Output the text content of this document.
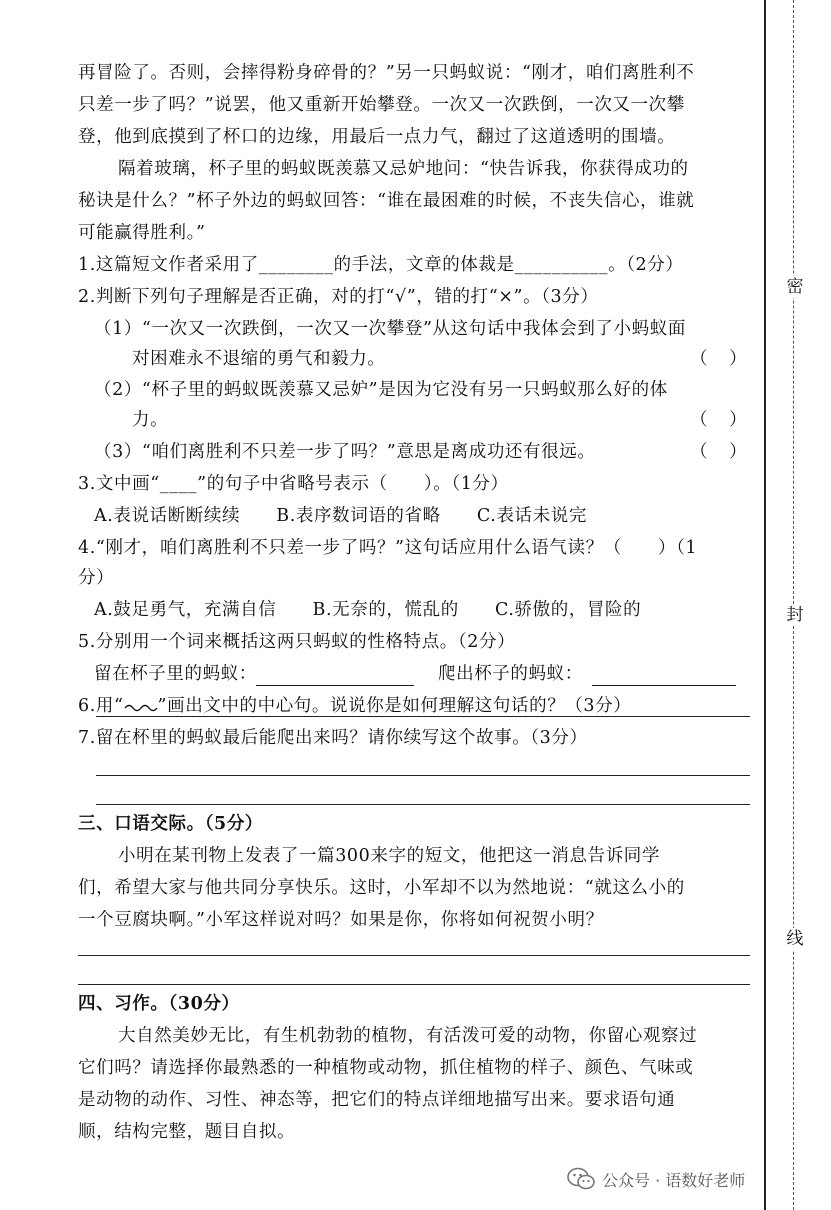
再冒险了。否则，会摔得粉身碎骨的？”另一只蚂蚁说：“刚才，咱们离胜利不
只差一步了吗？”说罢，他又重新开始攀登。一次又一次跌倒，一次又一次攀
登，他到底摸到了杯口的边缘，用最后一点力气，翻过了这道透明的围墙。
隔着玻璃，杯子里的蚂蚁既羡慕又忌妒地问：“快告诉我，你获得成功的
秘诀是什么？”杯子外边的蚂蚁回答：“谁在最困难的时候，不丧失信心，谁就
可能赢得胜利。”
1.这篇短文作者采用了________的手法，文章的体裁是__________。（2分）
2.判断下列句子理解是否正确，对的打“√”，错的打“×”。（3分）
（1）“一次又一次跌倒，一次又一次攀登”从这句话中我体会到了小蚂蚁面
对困难永不退缩的勇气和毅力。	（ ）
（2）“杯子里的蚂蚁既羡慕又忌妒”是因为它没有另一只蚂蚁那么好的体
力。	（ ）
（3）“咱们离胜利不只差一步了吗？”意思是离成功还有很远。	（ ）
3.文中画“____”的句子中省略号表示（　　）。（1分）
A.表说话断断续续　　B.表序数词语的省略　　C.表话未说完
4.“刚才，咱们离胜利不只差一步了吗？”这句话应用什么语气读？（　　）（1
分）
A.鼓足勇气，充满自信　　B.无奈的，慌乱的　　C.骄傲的，冒险的
5.分别用一个词来概括这两只蚂蚁的性格特点。（2分）
留在杯子里的蚂蚁：	爬出杯子的蚂蚁：
6.用“ ”画出文中的中心句。说说你是如何理解这句话的？（3分）
7.留在杯里的蚂蚁最后能爬出来吗？请你续写这个故事。（3分）
三、口语交际。（5分）
小明在某刊物上发表了一篇300来字的短文，他把这一消息告诉同学
们，希望大家与他共同分享快乐。这时，小军却不以为然地说：“就这么小的
一个豆腐块啊。”小军这样说对吗？如果是你，你将如何祝贺小明？
四、习作。（30分）
大自然美妙无比，有生机勃勃的植物，有活泼可爱的动物，你留心观察过
它们吗？请选择你最熟悉的一种植物或动物，抓住植物的样子、颜色、气味或
是动物的动作、习性、神态等，把它们的特点详细地描写出来。要求语句通
顺，结构完整，题目自拟。
密
封
线
公众号 · 语数好老师
